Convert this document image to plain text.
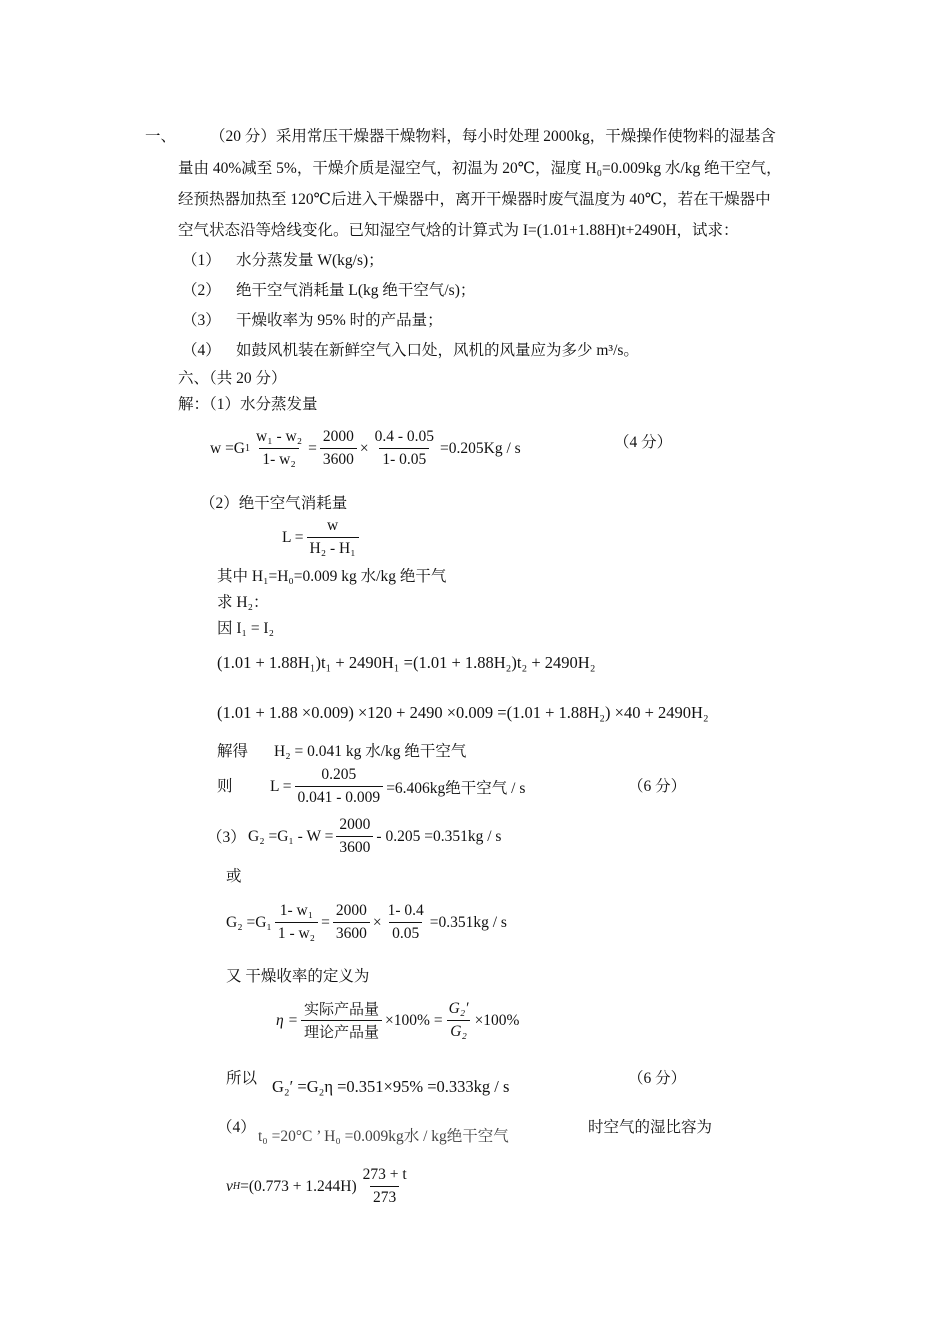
一、 （20 分）采用常压干燥器干燥物料，每小时处理 2000kg，干燥操作使物料的湿基含
量由 40%减至 5%，干燥介质是湿空气，初温为 20℃，湿度 H₀=0.009kg 水/kg 绝干空气，
经预热器加热至 120℃后进入干燥器中，离开干燥器时废气温度为 40℃，若在干燥器中
空气状态沿等焓线变化。已知湿空气焓的计算式为 I=(1.01+1.88H)t+2490H，试求：
（1） 水分蒸发量 W(kg/s)；
（2） 绝干空气消耗量 L(kg 绝干空气/s)；
（3） 干燥收率为 95% 时的产品量；
（4） 如鼓风机装在新鲜空气入口处，风机的风量应为多少 m³/s。
六、（共 20 分）
解：（1）水分蒸发量
w =G $1 \frac{\text{w₁ - w₂}}{\text{1- w₂}} = \frac{2000}{3600} \times \frac{0.4 - 0.05}{1- 0.05} =0.205Kg / s$	（4 分）
（2）绝干空气消耗量
$L = \frac{w}{\text{H₂ - H₁}}$
其中 H₁=H₀=0.009 kg 水/kg 绝干气
求 H₂：
因 I₁ = I₂
(1.01 + 1.88H₁)t₁ + 2490H₁ =(1.01 + 1.88H₂)t₂ + 2490H₂
(1.01 + 1.88 ×0.009) ×120 + 2490 ×0.009 =(1.01 + 1.88H₂) ×40 + 2490H₂
解得 H₂ = 0.041 kg 水/kg 绝干空气
则 $L = \frac{0.205}{0.041 - 0.009} =6.406kg$绝干空气 / s	（6 分）
（3） $G_2 =G_1 - W = \frac{2000}{3600} - 0.205 =0.351kg / s$
或
$G_2 =G_1 \frac{\text{1- w₁}}{\text{1 - w₂}} = \frac{2000}{3600} \times \frac{1- 0.4}{0.05} =0.351kg / s$
又 干燥收率的定义为
$\eta = \frac{\text{实际产品量}}{\text{理论产品量}} \times 100\% = \frac{\text{G₂′}}{\text{G₂}} \times 100\%$
所以 G₂′ =G₂η =0.351×95% =0.333kg / s	（6 分）
（4）
t₀ =20°C ’ H₀ =0.009kg水 / kg绝干空气
时空气的湿比容为
v $H =(0.773 + 1.244H) \frac{273 + t}{273}$
